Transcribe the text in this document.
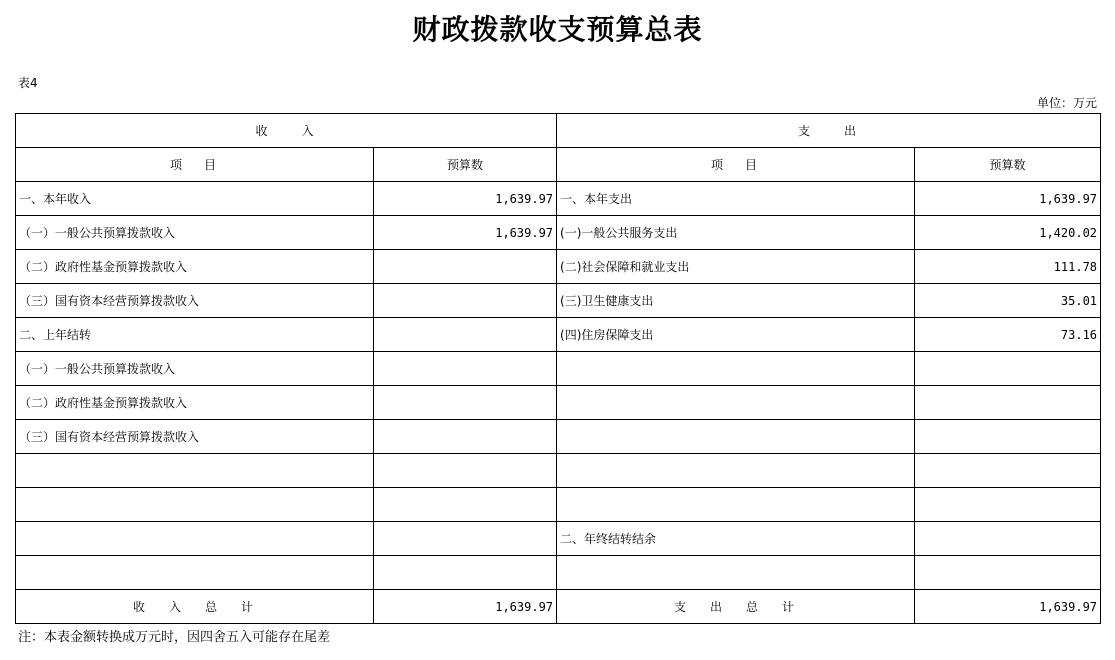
财政拨款收支预算总表
表4
单位：万元
收入		支出	
项目	预算数	项目	预算数
一、本年收入	1,639.97	一、本年支出	1,639.97
（一）一般公共预算拨款收入	1,639.97	(一)一般公共服务支出	1,420.02
（二）政府性基金预算拨款收入		(二)社会保障和就业支出	111.78
（三）国有资本经营预算拨款收入		(三)卫生健康支出	35.01
二、上年结转		(四)住房保障支出	73.16
（一）一般公共预算拨款收入			
（二）政府性基金预算拨款收入			
（三）国有资本经营预算拨款收入			

		二、年终结转结余	

收入总计	1,639.97	支出总计	1,639.97
注：本表金额转换成万元时，因四舍五入可能存在尾差
